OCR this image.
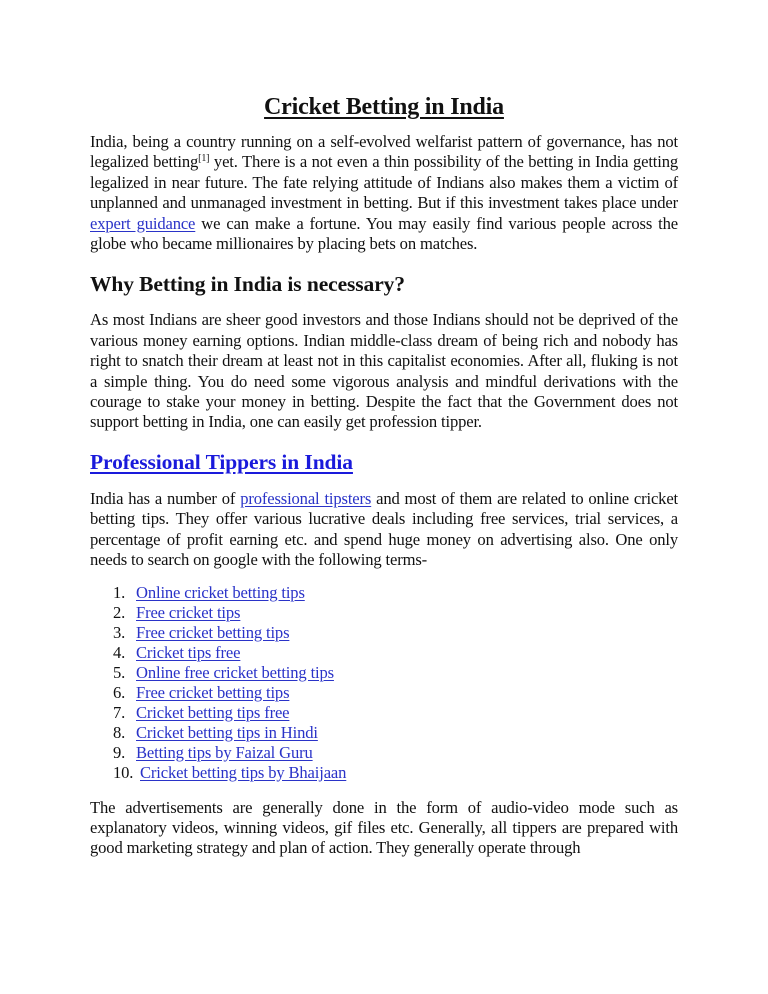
Cricket Betting in India

India, being a country running on a self-evolved welfarist pattern of governance, has not legalized betting[1] yet. There is a not even a thin possibility of the betting in India getting legalized in near future. The fate relying attitude of Indians also makes them a victim of unplanned and unmanaged investment in betting. But if this investment takes place under expert guidance we can make a fortune. You may easily find various people across the globe who became millionaires by placing bets on matches.

Why Betting in India is necessary?

As most Indians are sheer good investors and those Indians should not be deprived of the various money earning options. Indian middle-class dream of being rich and nobody has right to snatch their dream at least not in this capitalist economies. After all, fluking is not a simple thing. You do need some vigorous analysis and mindful derivations with the courage to stake your money in betting. Despite the fact that the Government does not support betting in India, one can easily get profession tipper.

Professional Tippers in India

India has a number of professional tipsters and most of them are related to online cricket betting tips. They offer various lucrative deals including free services, trial services, a percentage of profit earning etc. and spend huge money on advertising also. One only needs to search on google with the following terms-

1. Online cricket betting tips
2. Free cricket tips
3. Free cricket betting tips
4. Cricket tips free
5. Online free cricket betting tips
6. Free cricket betting tips
7. Cricket betting tips free
8. Cricket betting tips in Hindi
9. Betting tips by Faizal Guru
10. Cricket betting tips by Bhaijaan

The advertisements are generally done in the form of audio-video mode such as explanatory videos, winning videos, gif files etc. Generally, all tippers are prepared with good marketing strategy and plan of action. They generally operate through
